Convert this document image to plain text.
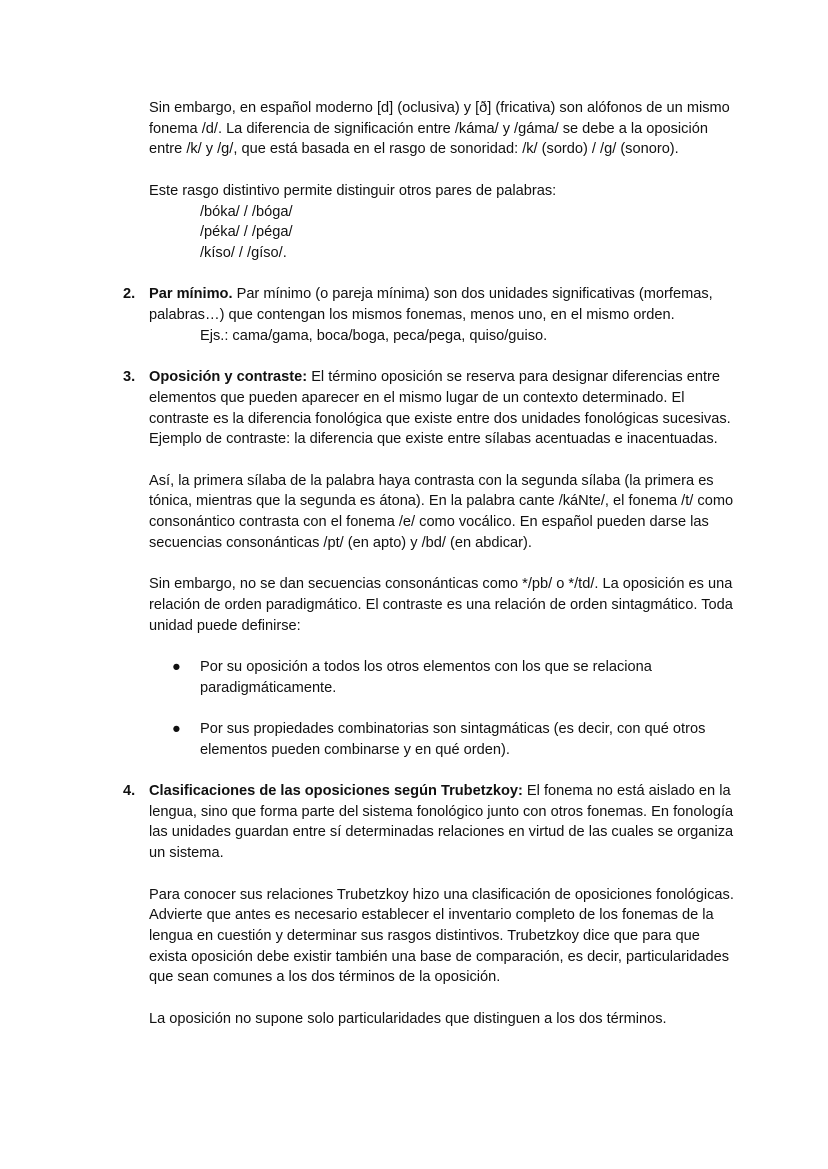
Sin embargo, en español moderno [d] (oclusiva) y [ð] (fricativa) son alófonos de un mismo fonema /d/. La diferencia de significación entre /káma/ y /gáma/ se debe a la oposición entre /k/ y /g/, que está basada en el rasgo de sonoridad: /k/ (sordo) / /g/ (sonoro).

Este rasgo distintivo permite distinguir otros pares de palabras:

/bóka/ / /bóga/
/péka/ / /péga/
/kíso/ / /gíso/.
2. Par mínimo. Par mínimo (o pareja mínima) son dos unidades significativas (morfemas, palabras…) que contengan los mismos fonemas, menos uno, en el mismo orden.
Ejs.: cama/gama, boca/boga, peca/pega, quiso/guiso.
3. Oposición y contraste: El término oposición se reserva para designar diferencias entre elementos que pueden aparecer en el mismo lugar de un contexto determinado. El contraste es la diferencia fonológica que existe entre dos unidades fonológicas sucesivas. Ejemplo de contraste: la diferencia que existe entre sílabas acentuadas e inacentuadas.

Así, la primera sílaba de la palabra haya contrasta con la segunda sílaba (la primera es tónica, mientras que la segunda es átona). En la palabra cante /káNte/, el fonema /t/ como consonántico contrasta con el fonema /e/ como vocálico. En español pueden darse las secuencias consonánticas /pt/ (en apto) y /bd/ (en abdicar).

Sin embargo, no se dan secuencias consonánticas como */pb/ o */td/. La oposición es una relación de orden paradigmático. El contraste es una relación de orden sintagmático. Toda unidad puede definirse:

● Por su oposición a todos los otros elementos con los que se relaciona paradigmáticamente.
● Por sus propiedades combinatorias son sintagmáticas (es decir, con qué otros elementos pueden combinarse y en qué orden).
4. Clasificaciones de las oposiciones según Trubetzkoy: El fonema no está aislado en la lengua, sino que forma parte del sistema fonológico junto con otros fonemas. En fonología las unidades guardan entre sí determinadas relaciones en virtud de las cuales se organiza un sistema.

Para conocer sus relaciones Trubetzkoy hizo una clasificación de oposiciones fonológicas. Advierte que antes es necesario establecer el inventario completo de los fonemas de la lengua en cuestión y determinar sus rasgos distintivos. Trubetzkoy dice que para que exista oposición debe existir también una base de comparación, es decir, particularidades que sean comunes a los dos términos de la oposición.

La oposición no supone solo particularidades que distinguen a los dos términos.
